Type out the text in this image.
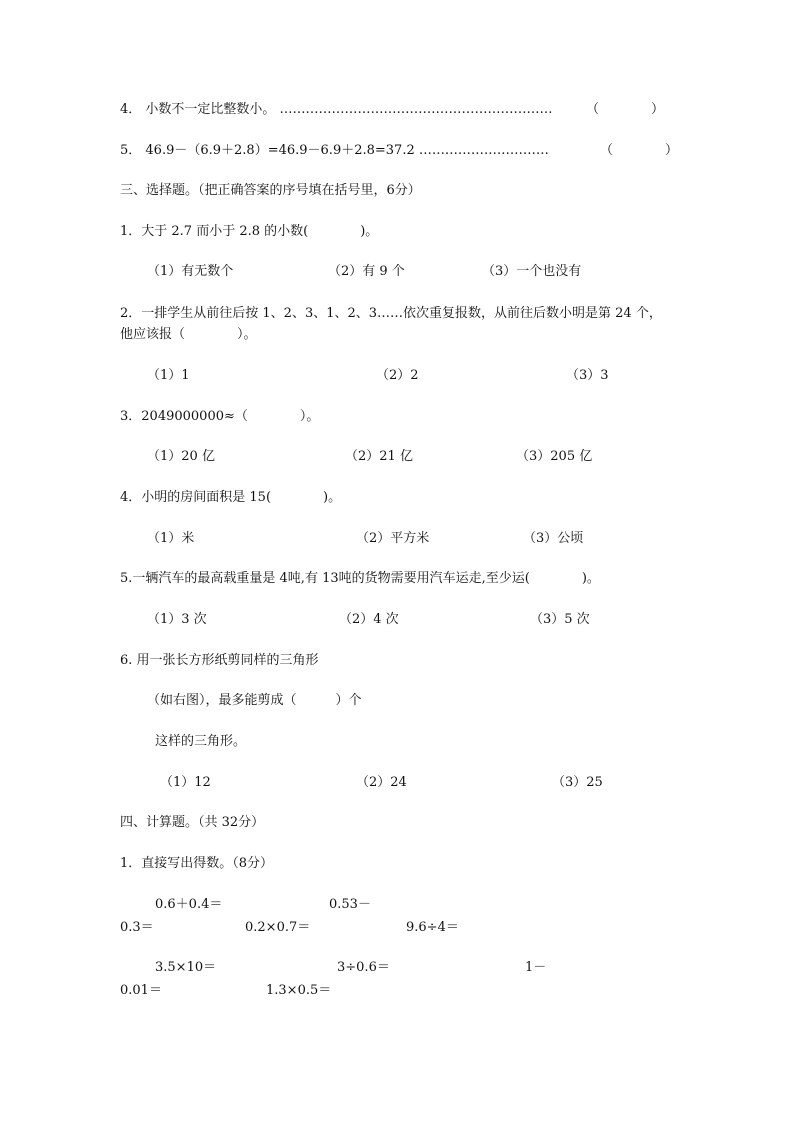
4． 小数不一定比整数小。 ………………………………………………………	（　　　　）
5． 46.9－（6.9＋2.8）=46.9－6.9＋2.8=37.2 …………………………	（　　　　）
三、选择题。（把正确答案的序号填在括号里，6分）
1．大于 2.7 而小于 2.8 的小数(　　　　)。
（1）有无数个	（2）有 9 个	（3）一个也没有
2．一排学生从前往后按 1、2、3、1、2、3……依次重复报数，从前往后数小明是第 24 个，
他应该报（　　　　）。
（1）1	（2）2	（3）3
3．2049000000≈（　　　　）。
（1）20 亿	（2）21 亿	（3）205 亿
4．小明的房间面积是 15(　　　　)。
（1）米	（2）平方米	（3）公顷
5.一辆汽车的最高载重量是 4吨,有 13吨的货物需要用汽车运走,至少运(　　　　)。
（1）3 次	（2）4 次	（3）5 次
6. 用一张长方形纸剪同样的三角形
（如右图），最多能剪成（　　　）个
这样的三角形。
（1）12	（2）24	（3）25
四、计算题。（共 32分）
1．直接写出得数。（8分）
0.6＋0.4＝	0.53－
0.3＝	0.2×0.7＝	9.6÷4＝
3.5×10＝	3÷0.6＝	1－
0.01＝	1.3×0.5＝
